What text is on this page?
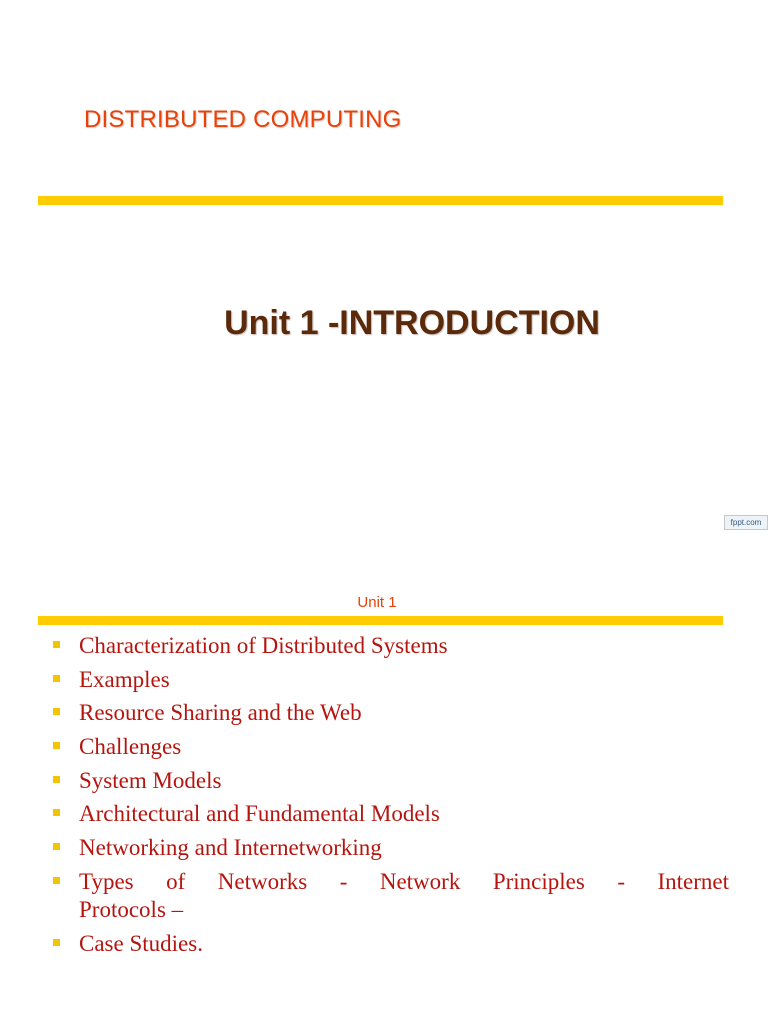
DISTRIBUTED COMPUTING
Unit 1 -INTRODUCTION
fppt.com
Unit 1
Characterization of Distributed Systems
Examples
Resource Sharing and the Web
Challenges
System Models
Architectural and Fundamental Models
Networking and Internetworking
Types of Networks - Network Principles - Internet
Protocols –
Case Studies.
